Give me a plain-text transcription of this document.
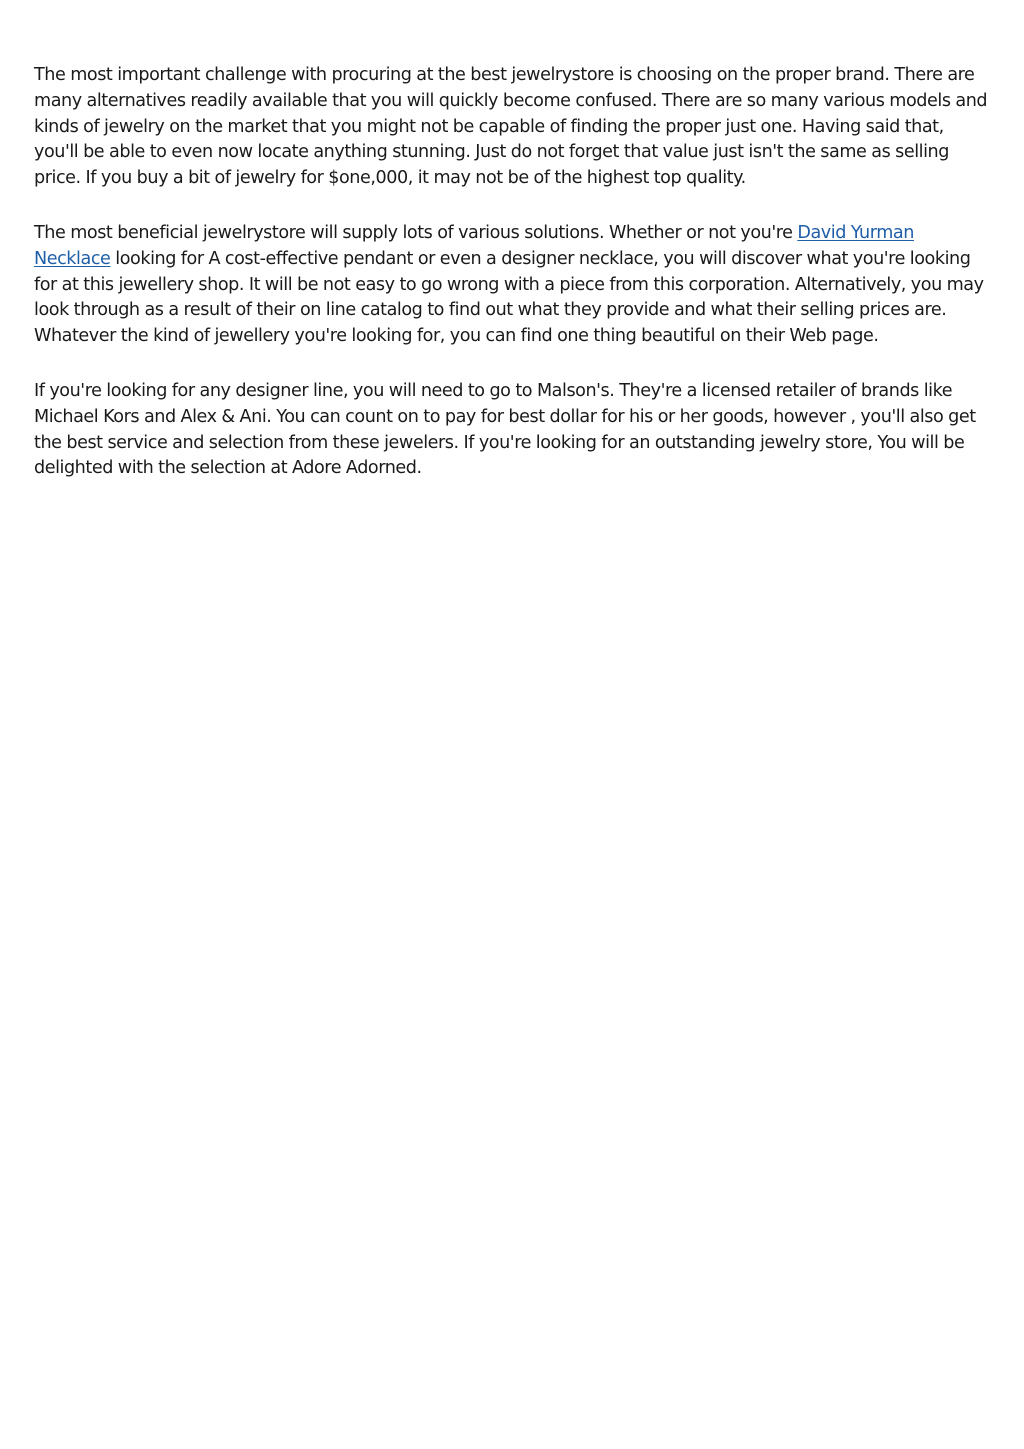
The most important challenge with procuring at the best jewelrystore is choosing on the proper brand. There are many alternatives readily available that you will quickly become confused. There are so many various models and kinds of jewelry on the market that you might not be capable of finding the proper just one. Having said that, you'll be able to even now locate anything stunning. Just do not forget that value just isn't the same as selling price. If you buy a bit of jewelry for $one,000, it may not be of the highest top quality.

The most beneficial jewelrystore will supply lots of various solutions. Whether or not you're David Yurman Necklace looking for A cost-effective pendant or even a designer necklace, you will discover what you're looking for at this jewellery shop. It will be not easy to go wrong with a piece from this corporation. Alternatively, you may look through as a result of their on line catalog to find out what they provide and what their selling prices are. Whatever the kind of jewellery you're looking for, you can find one thing beautiful on their Web page.

If you're looking for any designer line, you will need to go to Malson's. They're a licensed retailer of brands like Michael Kors and Alex & Ani. You can count on to pay for best dollar for his or her goods, however , you'll also get the best service and selection from these jewelers. If you're looking for an outstanding jewelry store, You will be delighted with the selection at Adore Adorned.
